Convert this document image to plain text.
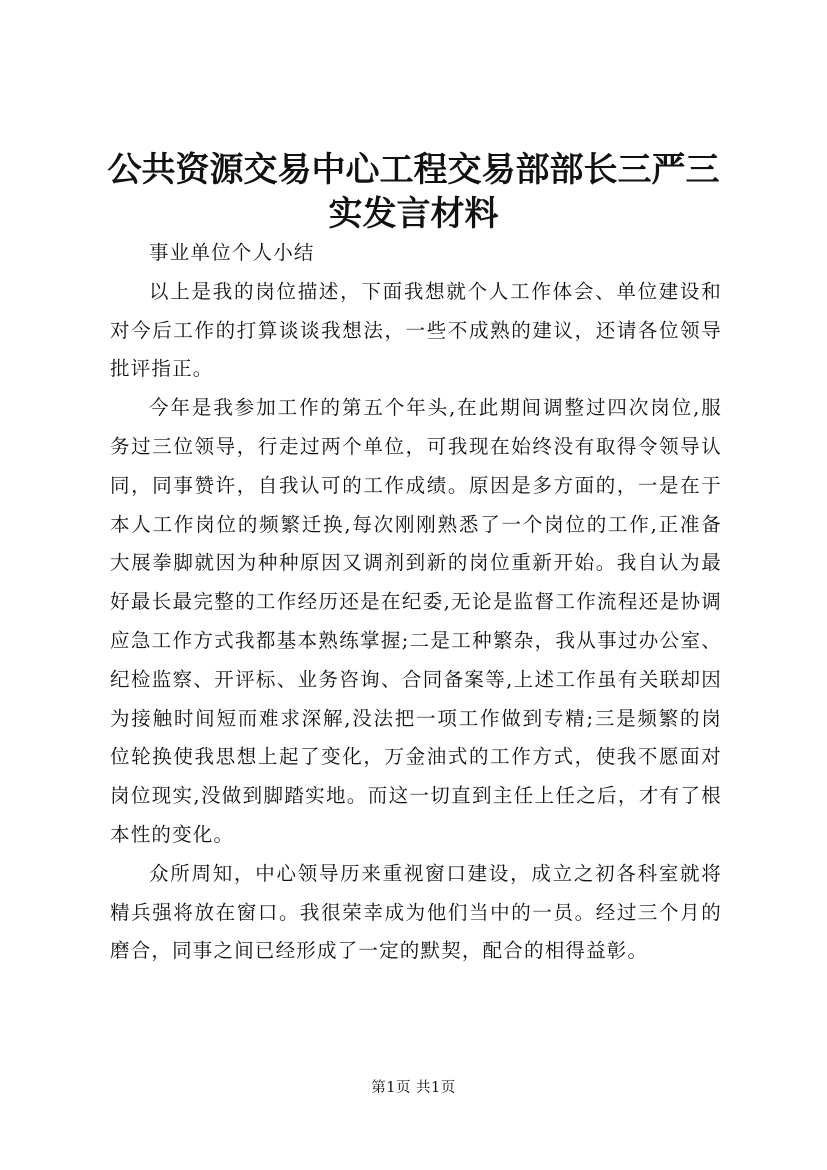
公共资源交易中心工程交易部部长三严三实发言材料

事业单位个人小结

以上是我的岗位描述，下面我想就个人工作体会、单位建设和对今后工作的打算谈谈我想法，一些不成熟的建议，还请各位领导批评指正。

今年是我参加工作的第五个年头,在此期间调整过四次岗位,服务过三位领导，行走过两个单位，可我现在始终没有取得令领导认同，同事赞许，自我认可的工作成绩。原因是多方面的，一是在于本人工作岗位的频繁迁换,每次刚刚熟悉了一个岗位的工作,正准备大展拳脚就因为种种原因又调剂到新的岗位重新开始。我自认为最好最长最完整的工作经历还是在纪委,无论是监督工作流程还是协调应急工作方式我都基本熟练掌握;二是工种繁杂，我从事过办公室、纪检监察、开评标、业务咨询、合同备案等,上述工作虽有关联却因为接触时间短而难求深解,没法把一项工作做到专精;三是频繁的岗位轮换使我思想上起了变化，万金油式的工作方式，使我不愿面对岗位现实,没做到脚踏实地。而这一切直到主任上任之后，才有了根本性的变化。

众所周知，中心领导历来重视窗口建设，成立之初各科室就将精兵强将放在窗口。我很荣幸成为他们当中的一员。经过三个月的磨合，同事之间已经形成了一定的默契，配合的相得益彰。

第1页 共1页
